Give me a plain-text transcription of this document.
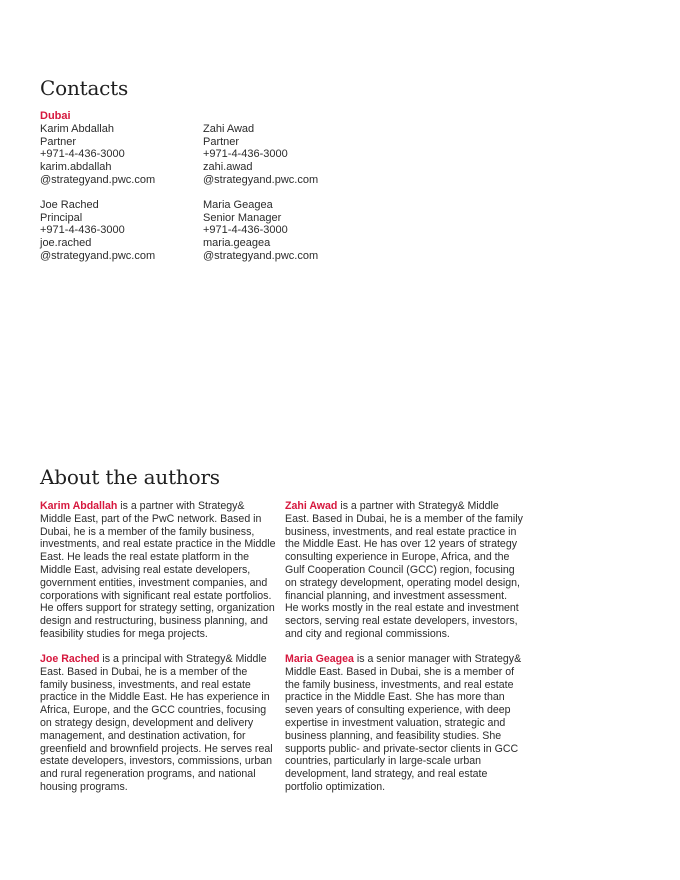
Contacts
Dubai
Karim Abdallah
Partner
+971-4-436-3000
karim.abdallah
@strategyand.pwc.com
Zahi Awad
Partner
+971-4-436-3000
zahi.awad
@strategyand.pwc.com
Joe Rached
Principal
+971-4-436-3000
joe.rached
@strategyand.pwc.com
Maria Geagea
Senior Manager
+971-4-436-3000
maria.geagea
@strategyand.pwc.com
About the authors

Karim Abdallah is a partner with Strategy& Middle East, part of the PwC network. Based in Dubai, he is a member of the family business, investments, and real estate practice in the Middle East. He leads the real estate platform in the Middle East, advising real estate developers, government entities, investment companies, and corporations with significant real estate portfolios. He offers support for strategy setting, organization design and restructuring, business planning, and feasibility studies for mega projects.

Zahi Awad is a partner with Strategy& Middle East. Based in Dubai, he is a member of the family business, investments, and real estate practice in the Middle East. He has over 12 years of strategy consulting experience in Europe, Africa, and the Gulf Cooperation Council (GCC) region, focusing on strategy development, operating model design, financial planning, and investment assessment. He works mostly in the real estate and investment sectors, serving real estate developers, investors, and city and regional commissions.

Joe Rached is a principal with Strategy& Middle East. Based in Dubai, he is a member of the family business, investments, and real estate practice in the Middle East. He has experience in Africa, Europe, and the GCC countries, focusing on strategy design, development and delivery management, and destination activation, for greenfield and brownfield projects. He serves real estate developers, investors, commissions, urban and rural regeneration programs, and national housing programs.

Maria Geagea is a senior manager with Strategy& Middle East. Based in Dubai, she is a member of the family business, investments, and real estate practice in the Middle East. She has more than seven years of consulting experience, with deep expertise in investment valuation, strategic and business planning, and feasibility studies. She supports public- and private-sector clients in GCC countries, particularly in large-scale urban development, land strategy, and real estate portfolio optimization.
